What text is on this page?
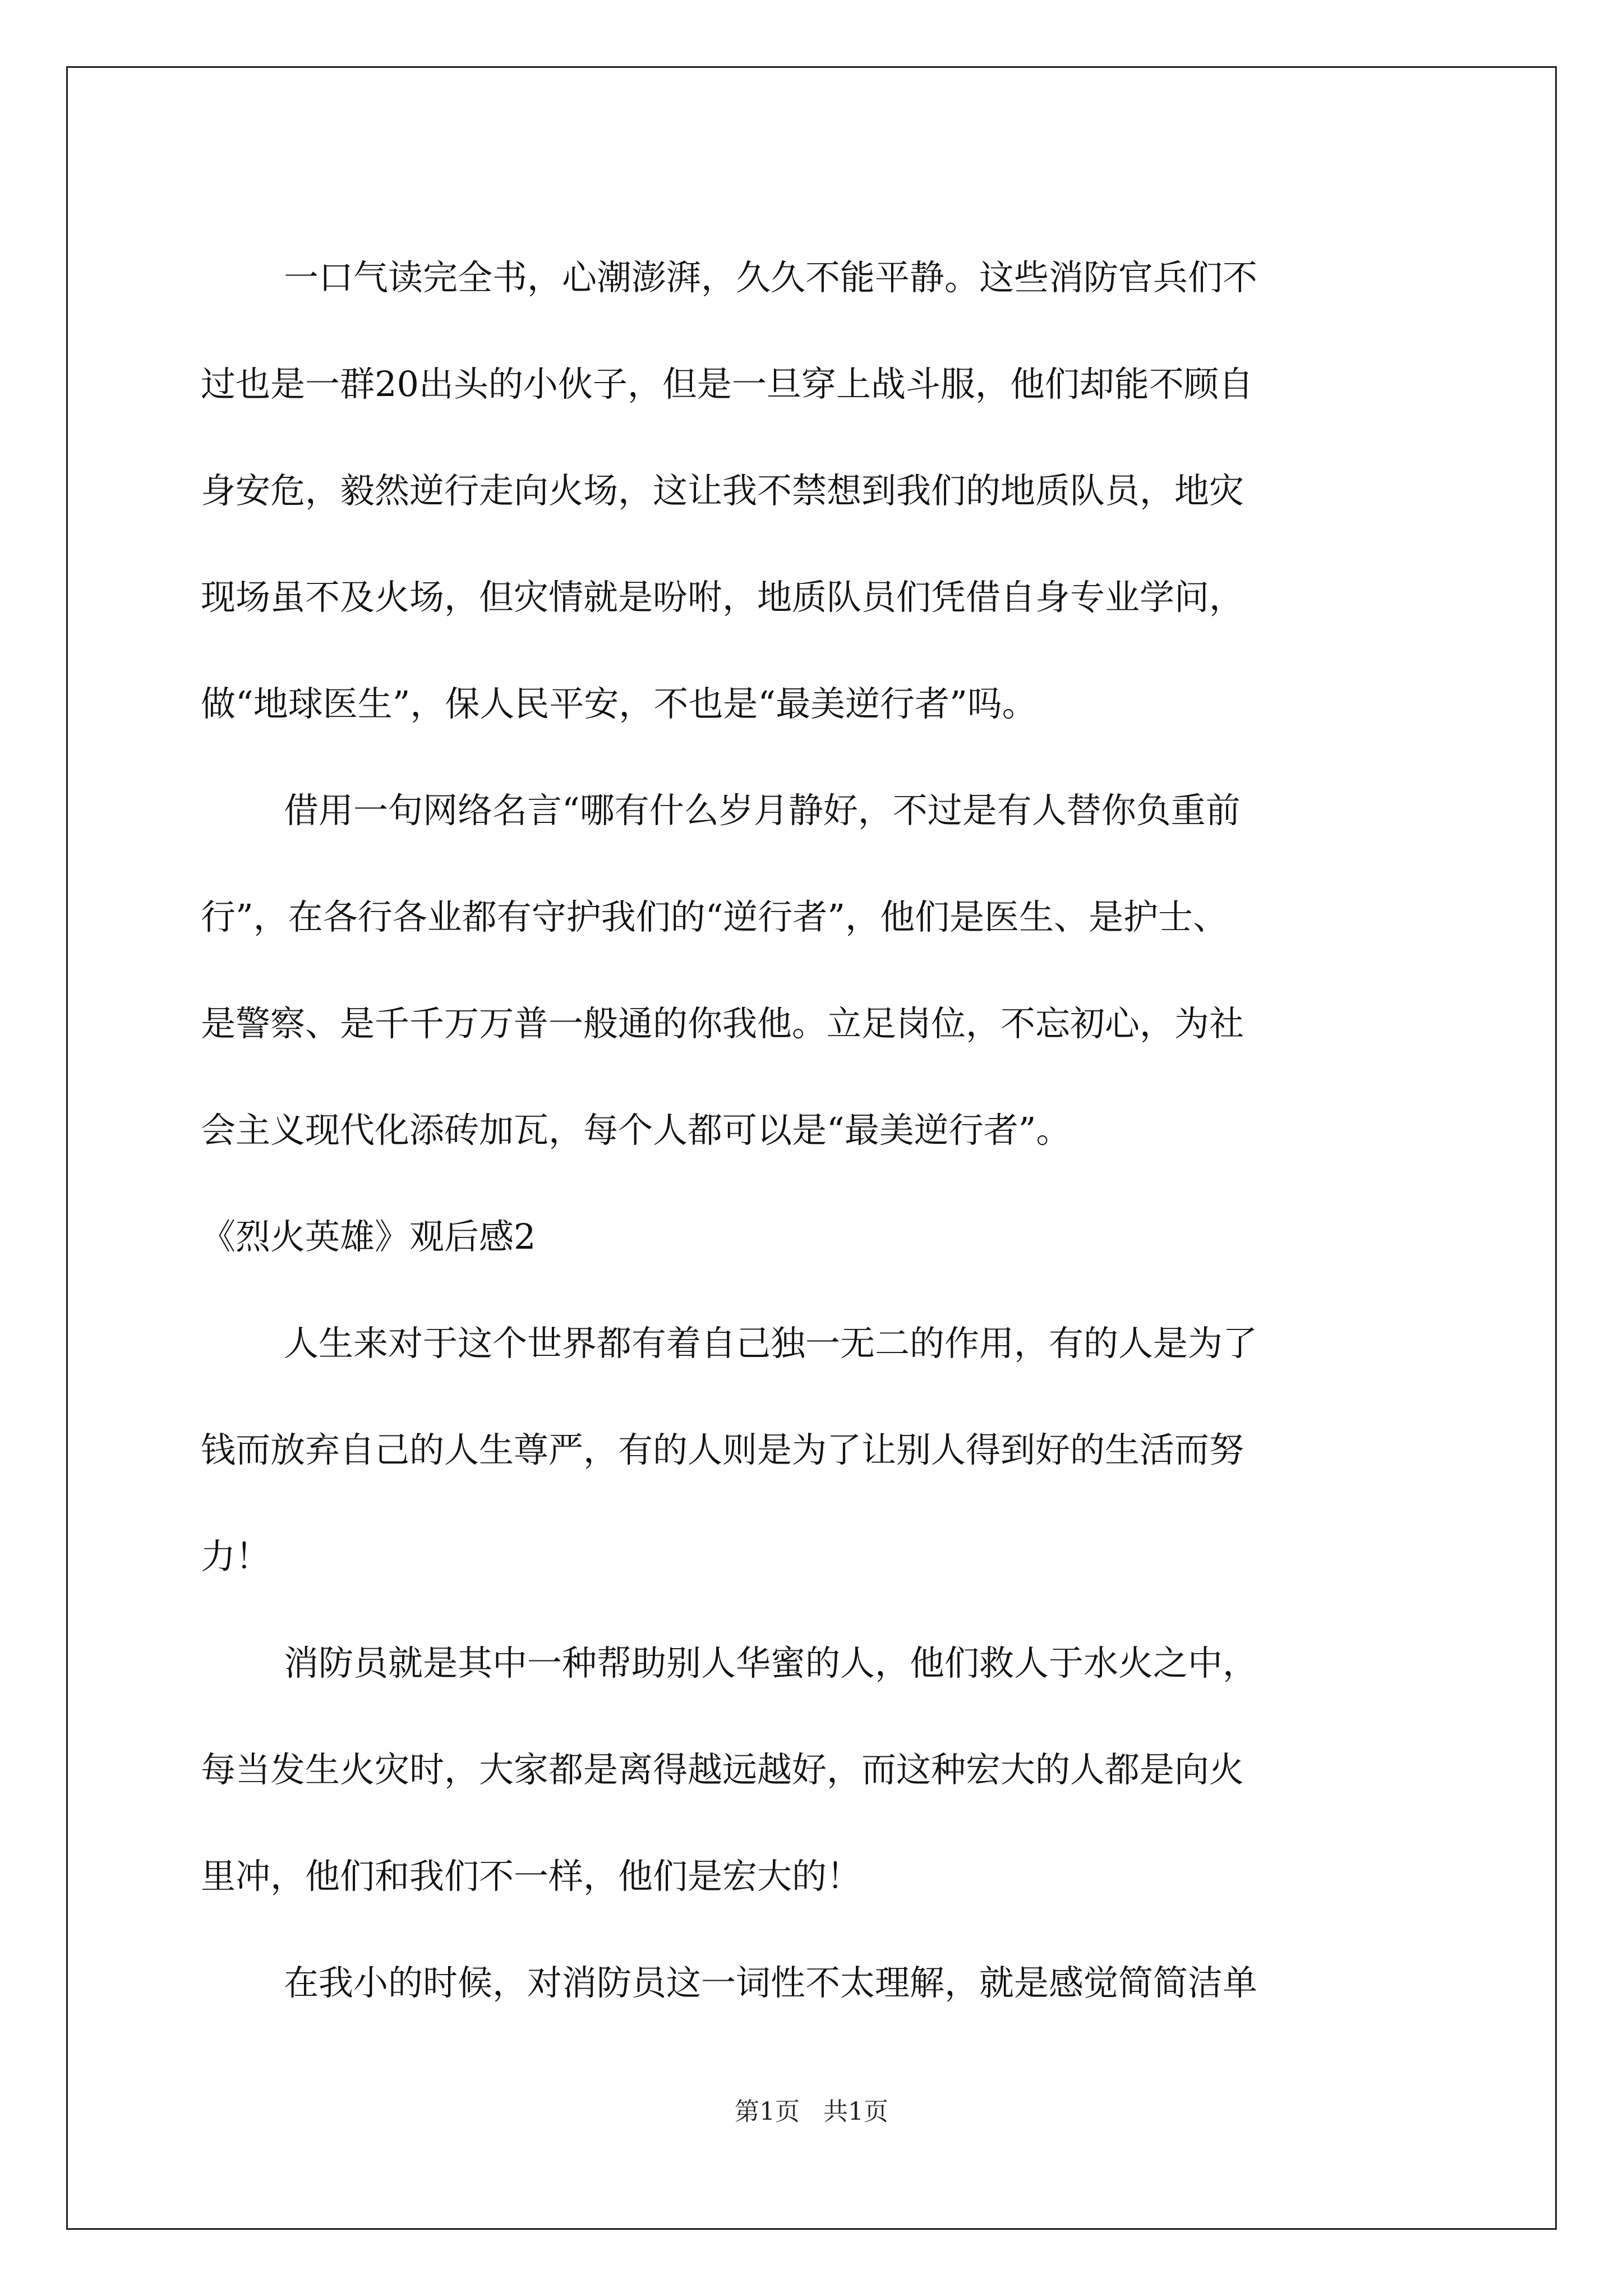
一口气读完全书，心潮澎湃，久久不能平静。这些消防官兵们不
过也是一群20出头的小伙子，但是一旦穿上战斗服，他们却能不顾自
身安危，毅然逆行走向火场，这让我不禁想到我们的地质队员，地灾
现场虽不及火场，但灾情就是吩咐，地质队员们凭借自身专业学问，
做“地球医生”，保人民平安，不也是“最美逆行者”吗。
借用一句网络名言“哪有什么岁月静好，不过是有人替你负重前
行”，在各行各业都有守护我们的“逆行者”，他们是医生、是护士、
是警察、是千千万万普一般通的你我他。立足岗位，不忘初心，为社
会主义现代化添砖加瓦，每个人都可以是“最美逆行者”。
《烈火英雄》观后感2
人生来对于这个世界都有着自己独一无二的作用，有的人是为了
钱而放弃自己的人生尊严，有的人则是为了让别人得到好的生活而努
力！
消防员就是其中一种帮助别人华蜜的人，他们救人于水火之中，
每当发生火灾时，大家都是离得越远越好，而这种宏大的人都是向火
里冲，他们和我们不一样，他们是宏大的！
在我小的时候，对消防员这一词性不太理解，就是感觉简简洁单
第1页 共1页
